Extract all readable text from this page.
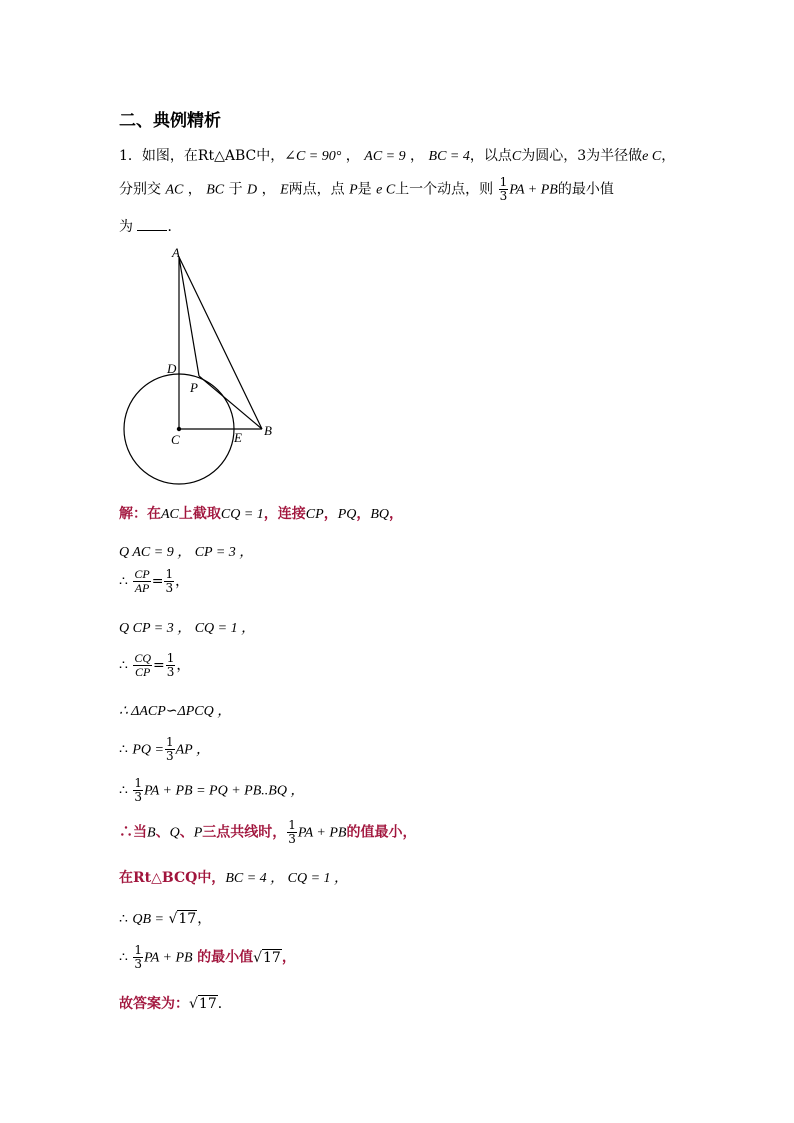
二、典例精析
1．如图，在Rt△ABC中，∠C = 90° ， AC = 9 ， BC = 4，以点C为圆心，3为半径做e C，
分别交 AC ， BC 于 D ， E两点，点 P是 e C上一个动点，则 $\frac{1}{3}$ PA + PB的最小值
为 ．
A
D
P
C	E B
解：在AC上截取CQ = 1，连接CP，PQ，BQ，
Q AC = 9 ， CP = 3 ，
∴ $\frac{CP}{AP} = \frac{1}{3}$ ，
Q CP = 3 ， CQ = 1 ，
∴ $\frac{CQ}{CP} = \frac{1}{3}$ ，
∴ ΔACP∽ΔPCQ ，
∴ PQ = $\frac{1}{3}$ AP ，
∴ $\frac{1}{3}$ PA + PB = PQ + PB..BQ ，
∴当B、Q、P三点共线时， $\frac{1}{3}$ PA + PB的值最小，
在Rt△BCQ中，BC = 4 ， CQ = 1 ，
∴ QB = √17，
∴ $\frac{1}{3}$ PA + PB 的最小值√17，
故答案为：√17．
